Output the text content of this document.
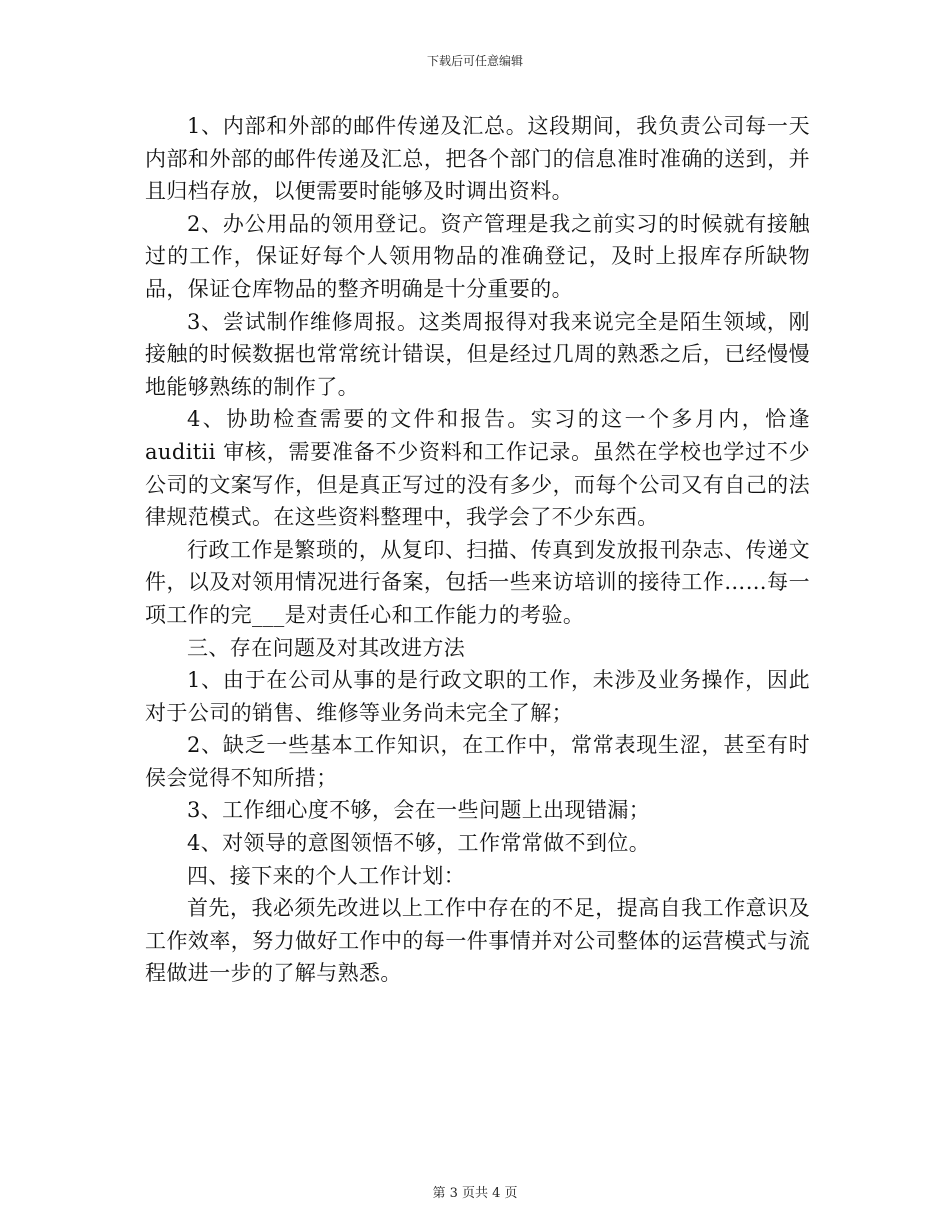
下载后可任意编辑

1、内部和外部的邮件传递及汇总。这段期间，我负责公司每一天内部和外部的邮件传递及汇总，把各个部门的信息准时准确的送到，并且归档存放，以便需要时能够及时调出资料。

2、办公用品的领用登记。资产管理是我之前实习的时候就有接触过的工作，保证好每个人领用物品的准确登记，及时上报库存所缺物品，保证仓库物品的整齐明确是十分重要的。

3、尝试制作维修周报。这类周报得对我来说完全是陌生领域，刚接触的时候数据也常常统计错误，但是经过几周的熟悉之后，已经慢慢地能够熟练的制作了。

4、协助检查需要的文件和报告。实习的这一个多月内，恰逢auditii 审核，需要准备不少资料和工作记录。虽然在学校也学过不少公司的文案写作，但是真正写过的没有多少，而每个公司又有自己的法律规范模式。在这些资料整理中，我学会了不少东西。

行政工作是繁琐的，从复印、扫描、传真到发放报刊杂志、传递文件，以及对领用情况进行备案，包括一些来访培训的接待工作……每一项工作的完___是对责任心和工作能力的考验。

三、存在问题及对其改进方法

1、由于在公司从事的是行政文职的工作，未涉及业务操作，因此对于公司的销售、维修等业务尚未完全了解；

2、缺乏一些基本工作知识，在工作中，常常表现生涩，甚至有时侯会觉得不知所措；

3、工作细心度不够，会在一些问题上出现错漏；

4、对领导的意图领悟不够，工作常常做不到位。

四、接下来的个人工作计划：

首先，我必须先改进以上工作中存在的不足，提高自我工作意识及工作效率，努力做好工作中的每一件事情并对公司整体的运营模式与流程做进一步的了解与熟悉。

第 3 页共 4 页
